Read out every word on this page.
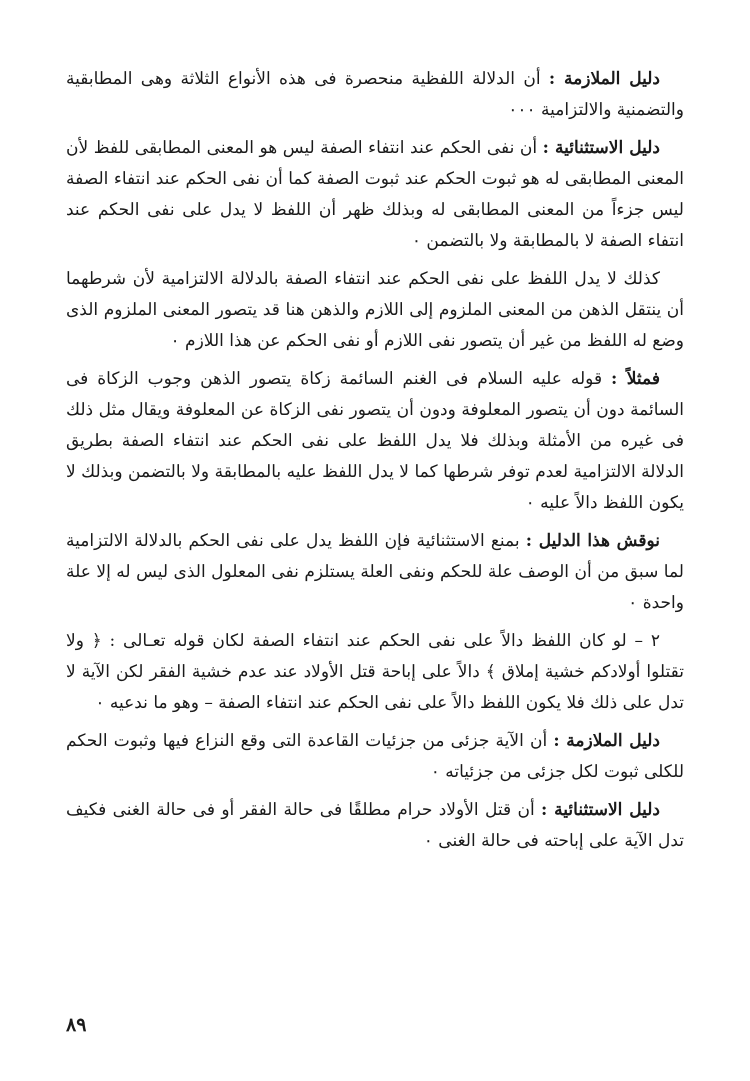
دليل الملازمة : أن الدلالة اللفظية منحصرة فى هذه الأنواع الثلاثة وهى المطابقية والتضمنية والالتزامية ٠٠٠

دليل الاستثنائية : أن نفى الحكم عند انتفاء الصفة ليس هو المعنى المطابقى للفظ لأن المعنى المطابقى له هو ثبوت الحكم عند ثبوت الصفة كما أن نفى الحكم عند انتفاء الصفة ليس جزءاً من المعنى المطابقى له وبذلك ظهر أن اللفظ لا يدل على نفى الحكم عند انتفاء الصفة لا بالمطابقة ولا بالتضمن ٠

كذلك لا يدل اللفظ على نفى الحكم عند انتفاء الصفة بالدلالة الالتزامية لأن شرطهما أن ينتقل الذهن من المعنى الملزوم إلى اللازم والذهن هنا قد يتصور المعنى الملزوم الذى وضع له اللفظ من غير أن يتصور نفى اللازم أو نفى الحكم عن هذا اللازم ٠

فمثلاً : قوله عليه السلام فى الغنم السائمة زكاة يتصور الذهن وجوب الزكاة فى السائمة دون أن يتصور المعلوفة ودون أن يتصور نفى الزكاة عن المعلوفة ويقال مثل ذلك فى غيره من الأمثلة وبذلك فلا يدل اللفظ على نفى الحكم عند انتفاء الصفة بطريق الدلالة الالتزامية لعدم توفر شرطها كما لا يدل اللفظ عليه بالمطابقة ولا بالتضمن وبذلك لا يكون اللفظ دالاً عليه ٠

نوقش هذا الدليل : بمنع الاستثنائية فإن اللفظ يدل على نفى الحكم بالدلالة الالتزامية لما سبق من أن الوصف علة للحكم ونفى العلة يستلزم نفى المعلول الذى ليس له إلا علة واحدة ٠

٢ – لو كان اللفظ دالاً على نفى الحكم عند انتفاء الصفة لكان قوله تعـالى : ﴿ ولا تقتلوا أولادكم خشية إملاق ﴾ دالاً على إباحة قتل الأولاد عند عدم خشية الفقر لكن الآية لا تدل على ذلك فلا يكون اللفظ دالاً على نفى الحكم عند انتفاء الصفة – وهو ما ندعيه ٠

دليل الملازمة : أن الآية جزئى من جزئيات القاعدة التى وقع النزاع فيها وثبوت الحكم للكلى ثبوت لكل جزئى من جزئياته ٠

دليل الاستثنائية : أن قتل الأولاد حرام مطلقًا فى حالة الفقر أو فى حالة الغنى فكيف تدل الآية على إباحته فى حالة الغنى ٠

٨٩
